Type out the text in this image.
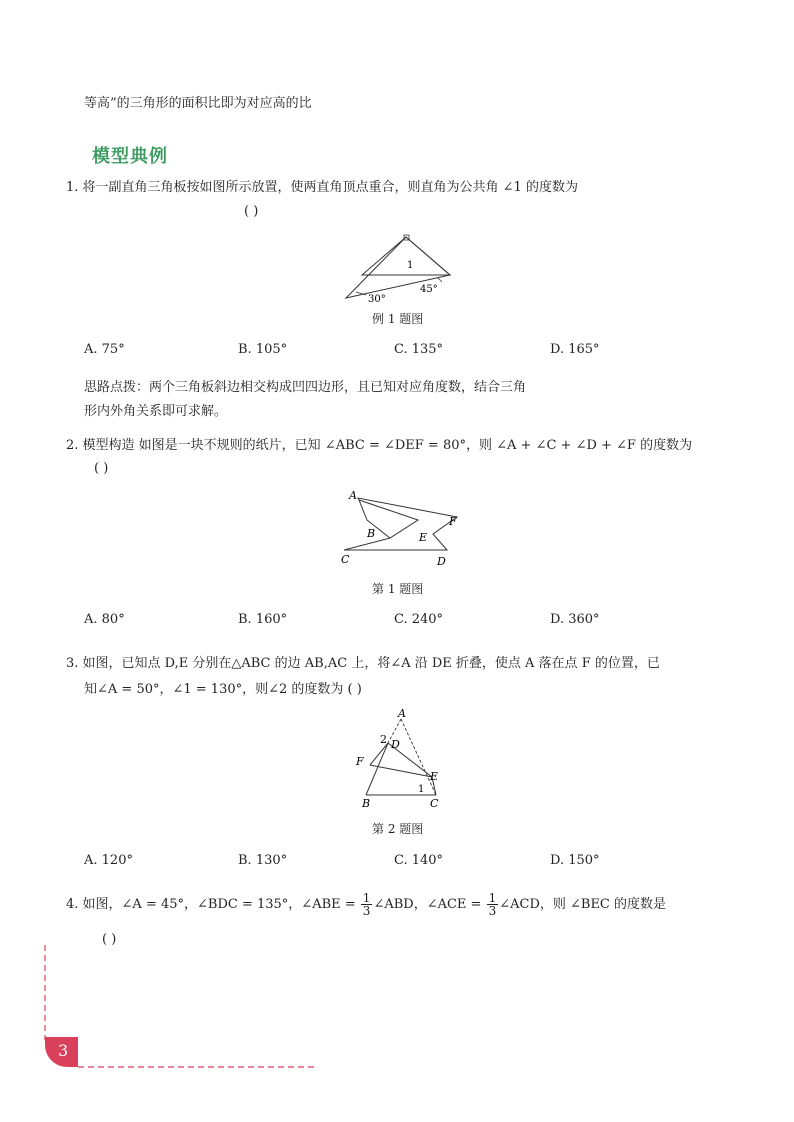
等高”的三角形的面积比即为对应高的比
模型典例
1. 将一副直角三角板按如图所示放置，使两直角顶点重合，则直角为公共角 ∠1 的度数为
( )
1
30°
45°
例 1 题图
A. 75°	B. 105°	C. 135°	D. 165°
思路点拨：两个三角板斜边相交构成凹四边形，且已知对应角度数，结合三角
形内外角关系即可求解。
2. 模型构造 如图是一块不规则的纸片，已知 ∠ABC = ∠DEF = 80°，则 ∠A + ∠C + ∠D + ∠F 的度数为
( )
A
B
C	D
E
F
第 1 题图
A. 80°	B. 160°	C. 240°	D. 360°
3. 如图，已知点 D,E 分别在△ABC 的边 AB,AC 上，将∠A 沿 DE 折叠，使点 A 落在点 F 的位置，已
知∠A = 50°，∠1 = 130°，则∠2 的度数为 ( )
A
2 D
F
E
1
B	C
第 2 题图
A. 120°	B. 130°	C. 140°	D. 150°
4. 如图，∠A = 45°，∠BDC = 135°，∠ABE = $\frac{1}{3}$ ∠ABD，∠ACE = $\frac{1}{3}$ ∠ACD，则 ∠BEC 的度数是
( )
3
